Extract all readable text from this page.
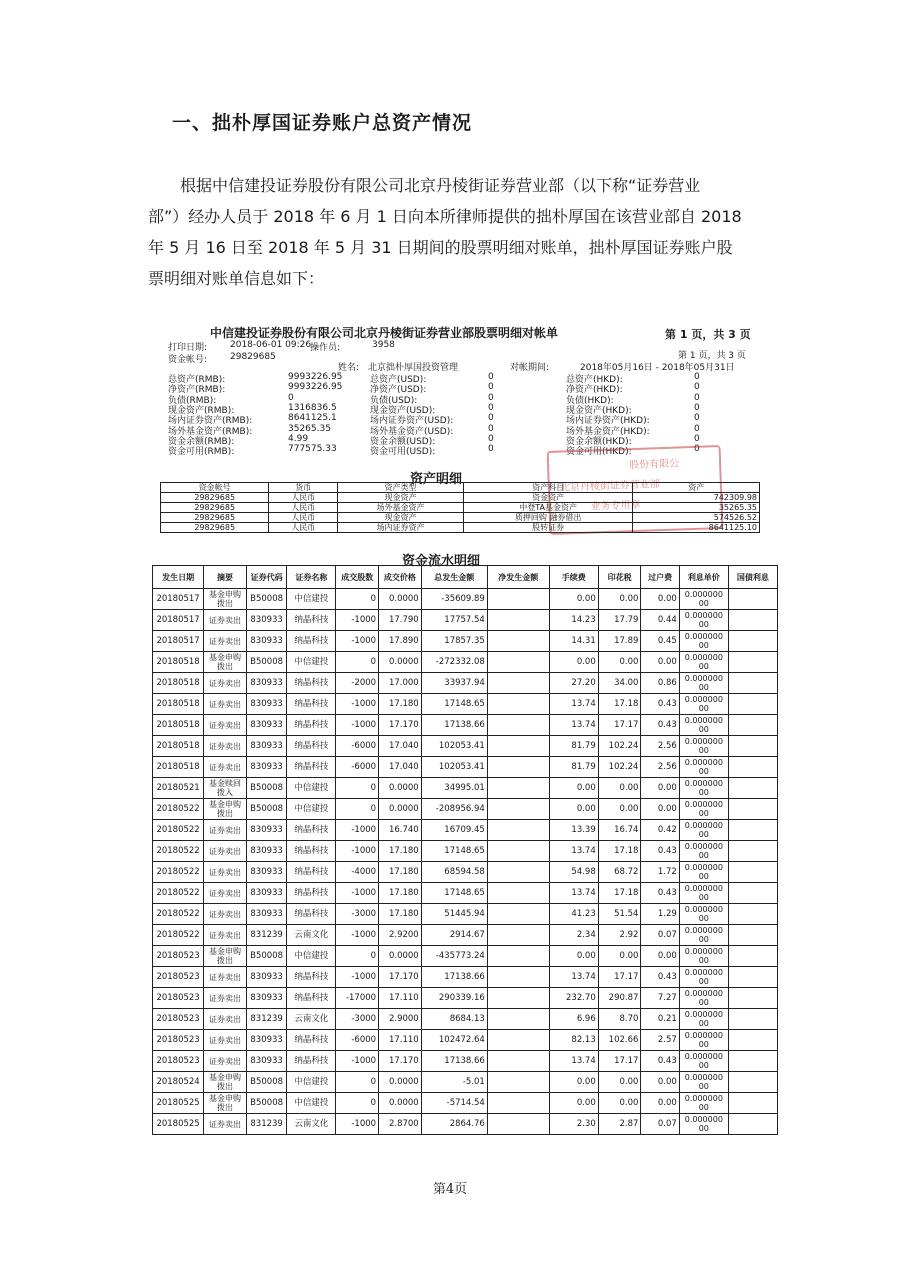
一、拙朴厚国证券账户总资产情况
根据中信建投证券股份有限公司北京丹棱街证券营业部（以下称“证券营业
部”）经办人员于 2018 年 6 月 1 日向本所律师提供的拙朴厚国在该营业部自 2018
年 5 月 16 日至 2018 年 5 月 31 日期间的股票明细对账单，拙朴厚国证券账户股
票明细对账单信息如下：
中信建投证券股份有限公司北京丹棱街证券营业部股票明细对帐单	第 1 页，共 3 页
第 1 页，共 3 页
打印日期:	2018-06-01 09:26
操作员:	3958
资金帐号:	29829685
姓名: 北京拙朴厚国投资管理	对帐期间:	2018年05月16日 - 2018年05月31日
总资产(RMB):	9993226.95
净资产(RMB):	9993226.95
负债(RMB):	0
现金资产(RMB):	1316836.5
场内证券资产(RMB):	8641125.1
场外基金资产(RMB):	35265.35
资金余额(RMB):	4.99
资金可用(RMB):	777575.33
总资产(USD):	0
净资产(USD):	0
负债(USD):	0
现金资产(USD):	0
场内证券资产(USD):	0
场外基金资产(USD):	0
资金余额(USD):	0
资金可用(USD):	0
总资产(HKD):	0
净资产(HKD):	0
负债(HKD):	0
现金资产(HKD):	0
场内证券资产(HKD):	0
场外基金资产(HKD):	0
资金余额(HKD):	0
资金可用(HKD):	0
股份有限公
北京丹棱街证券营业部
业务专用章
资产明细
资金帐号	货币	资产类型	资产科目	资产
29829685	人民币	现金资产	资金资产	742309.98
29829685	人民币	场外基金资产	中登TA基金资产	35265.35
29829685	人民币	现金资产	质押回购 融券借出	574526.52
29829685	人民币	场内证券资产	股转证券	8641125.10
资金流水明细
发生日期	摘要	证券代码	证券名称	成交股数	成交价格	总发生金额	净发生金额	手续费	印花税	过户费	利息单价	国债利息
20180517	基金申购拨出	B50008	中信建投	0	0.0000	-35609.89		0.00	0.00	0.00	0.000000 00	
20180517	证券卖出	830933	纳晶科技	-1000	17.790	17757.54		14.23	17.79	0.44	0.000000 00	
20180517	证券卖出	830933	纳晶科技	-1000	17.890	17857.35		14.31	17.89	0.45	0.000000 00	
20180518	基金申购拨出	B50008	中信建投	0	0.0000	-272332.08		0.00	0.00	0.00	0.000000 00	
20180518	证券卖出	830933	纳晶科技	-2000	17.000	33937.94		27.20	34.00	0.86	0.000000 00	
20180518	证券卖出	830933	纳晶科技	-1000	17.180	17148.65		13.74	17.18	0.43	0.000000 00	
20180518	证券卖出	830933	纳晶科技	-1000	17.170	17138.66		13.74	17.17	0.43	0.000000 00	
20180518	证券卖出	830933	纳晶科技	-6000	17.040	102053.41		81.79	102.24	2.56	0.000000 00	
20180518	证券卖出	830933	纳晶科技	-6000	17.040	102053.41		81.79	102.24	2.56	0.000000 00	
20180521	基金赎回拨入	B50008	中信建投	0	0.0000	34995.01		0.00	0.00	0.00	0.000000 00	
20180522	基金申购拨出	B50008	中信建投	0	0.0000	-208956.94		0.00	0.00	0.00	0.000000 00	
20180522	证券卖出	830933	纳晶科技	-1000	16.740	16709.45		13.39	16.74	0.42	0.000000 00	
20180522	证券卖出	830933	纳晶科技	-1000	17.180	17148.65		13.74	17.18	0.43	0.000000 00	
20180522	证券卖出	830933	纳晶科技	-4000	17.180	68594.58		54.98	68.72	1.72	0.000000 00	
20180522	证券卖出	830933	纳晶科技	-1000	17.180	17148.65		13.74	17.18	0.43	0.000000 00	
20180522	证券卖出	830933	纳晶科技	-3000	17.180	51445.94		41.23	51.54	1.29	0.000000 00	
20180522	证券卖出	831239	云南文化	-1000	2.9200	2914.67		2.34	2.92	0.07	0.000000 00	
20180523	基金申购拨出	B50008	中信建投	0	0.0000	-435773.24		0.00	0.00	0.00	0.000000 00	
20180523	证券卖出	830933	纳晶科技	-1000	17.170	17138.66		13.74	17.17	0.43	0.000000 00	
20180523	证券卖出	830933	纳晶科技	-17000	17.110	290339.16		232.70	290.87	7.27	0.000000 00	
20180523	证券卖出	831239	云南文化	-3000	2.9000	8684.13		6.96	8.70	0.21	0.000000 00	
20180523	证券卖出	830933	纳晶科技	-6000	17.110	102472.64		82.13	102.66	2.57	0.000000 00	
20180523	证券卖出	830933	纳晶科技	-1000	17.170	17138.66		13.74	17.17	0.43	0.000000 00	
20180524	基金申购拨出	B50008	中信建投	0	0.0000	-5.01		0.00	0.00	0.00	0.000000 00	
20180525	基金申购拨出	B50008	中信建投	0	0.0000	-5714.54		0.00	0.00	0.00	0.000000 00	
20180525	证券卖出	831239	云南文化	-1000	2.8700	2864.76		2.30	2.87	0.07	0.000000 00	
第4页
